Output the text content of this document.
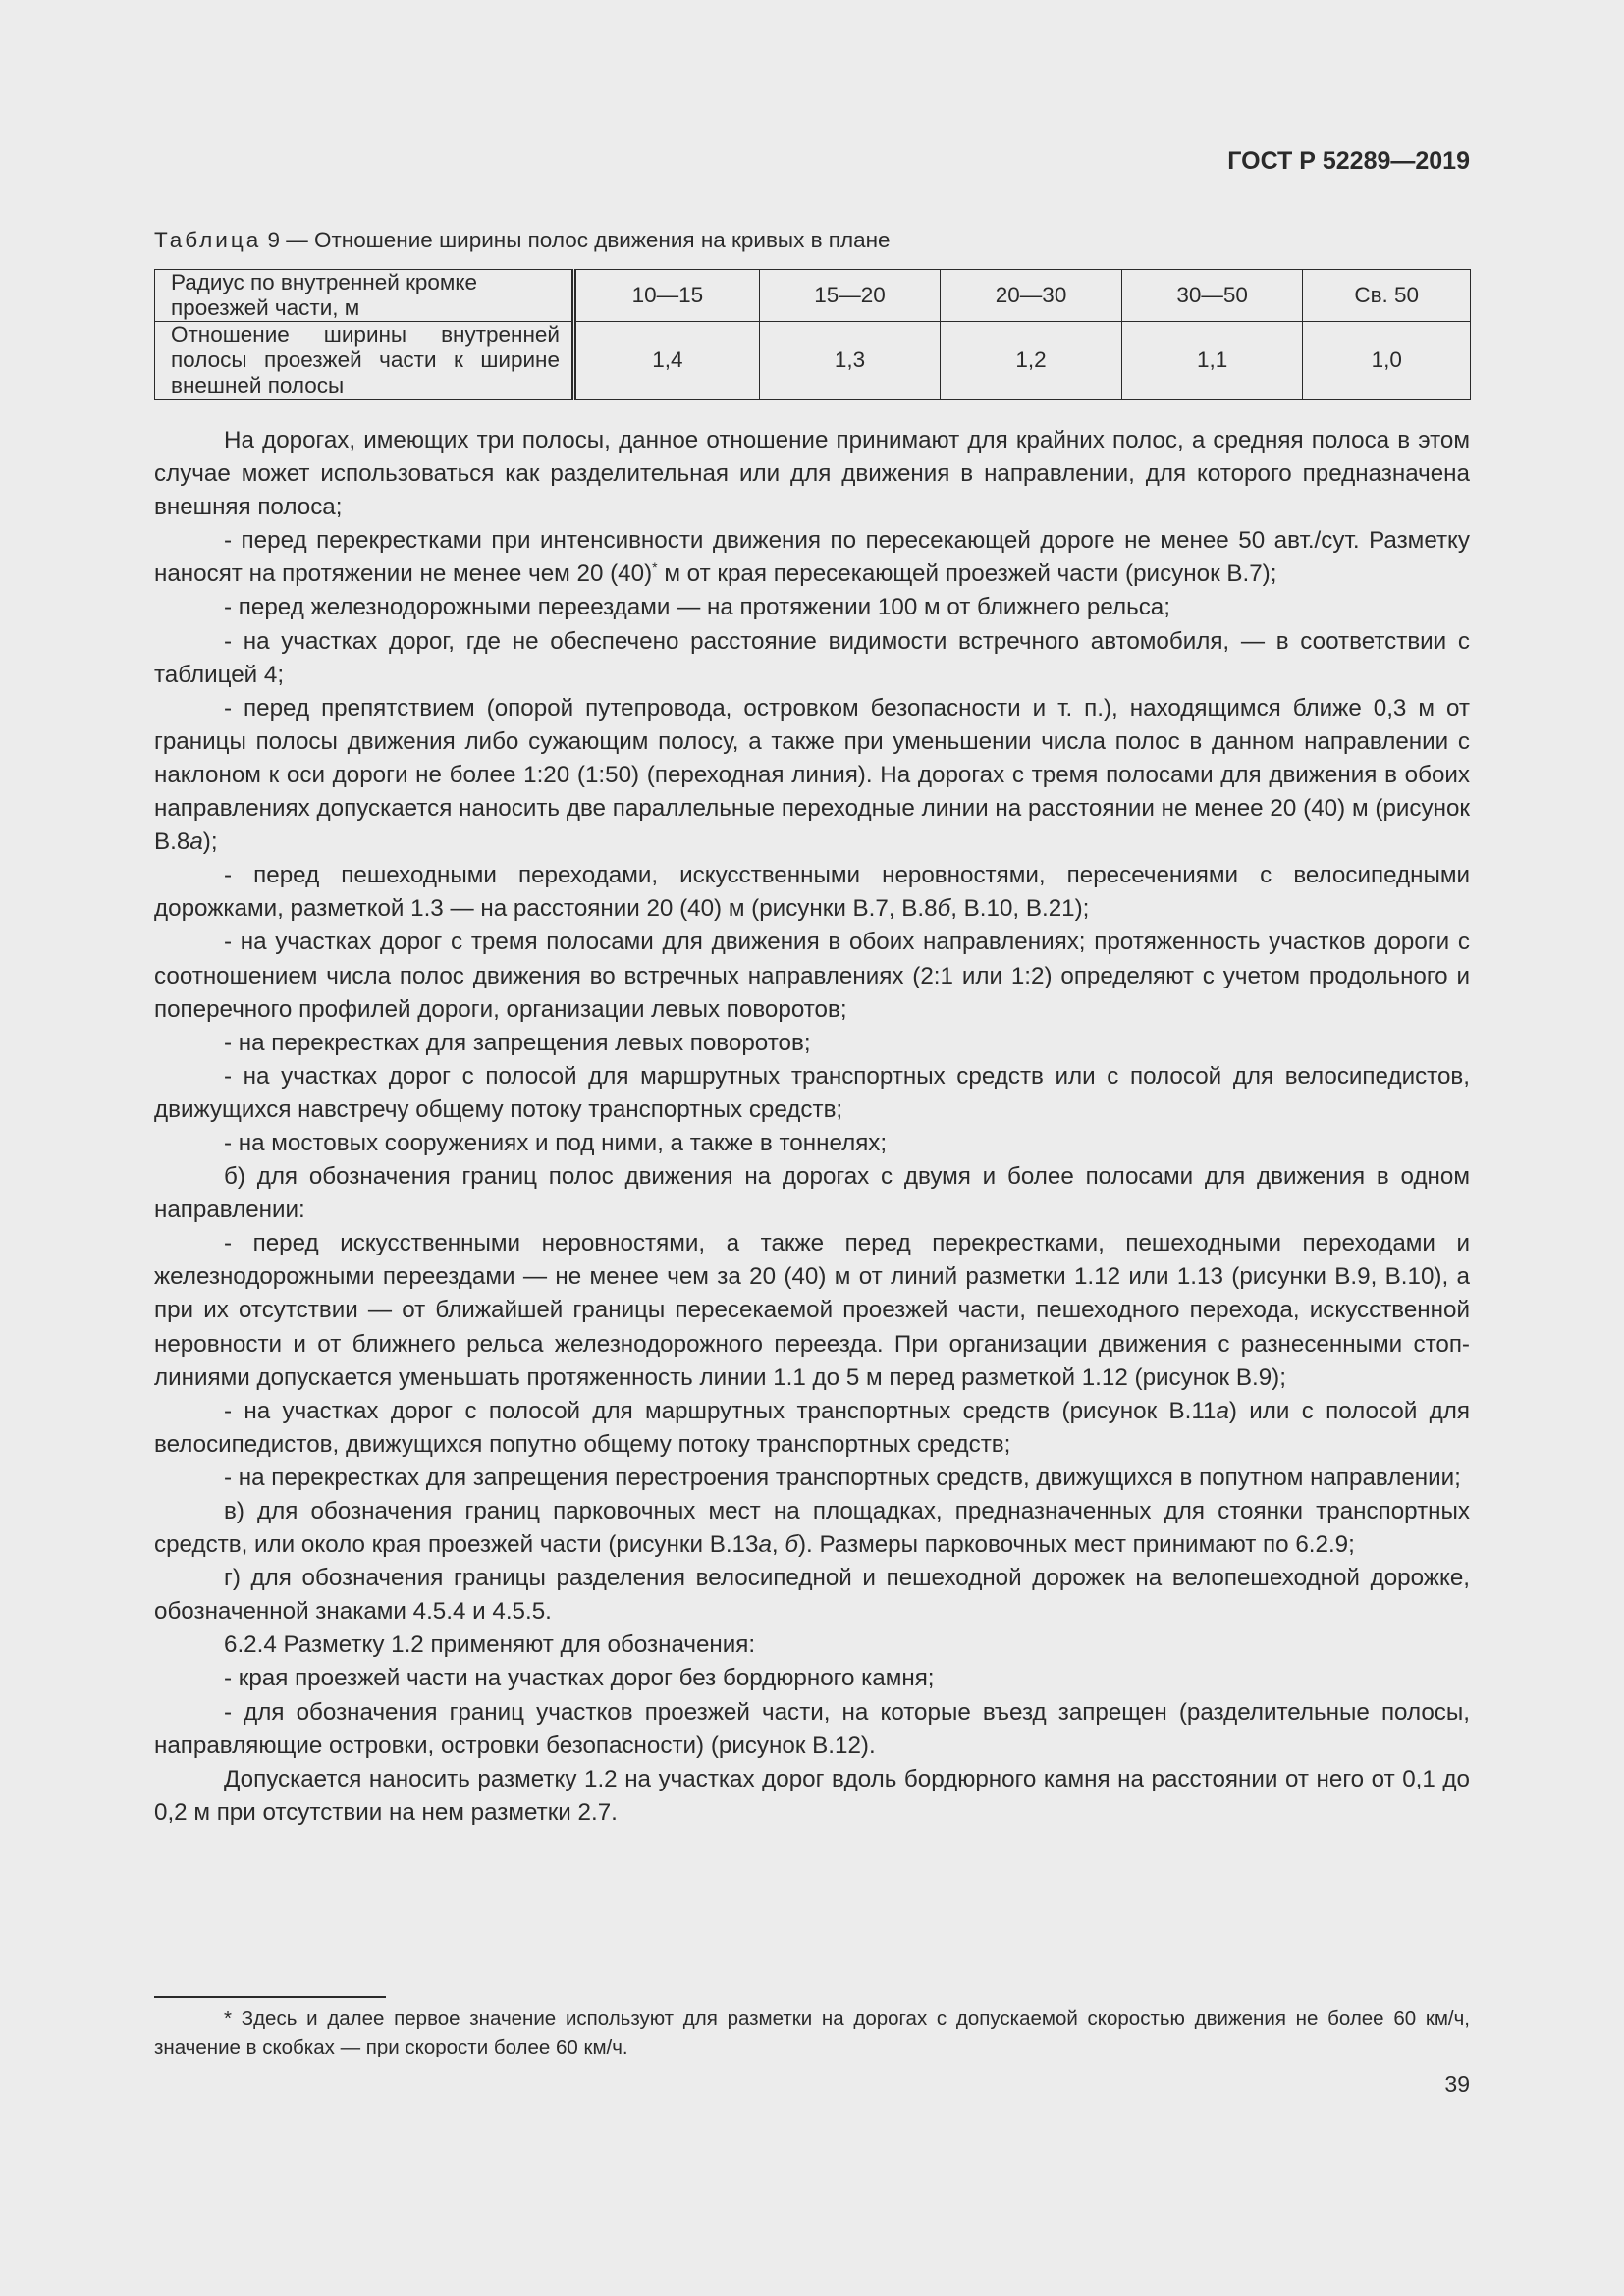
ГОСТ Р 52289—2019
Таблица 9 — Отношение ширины полос движения на кривых в плане
Радиус по внутренней кромке проезжей части, м	10—15	15—20	20—30	30—50	Св. 50
Отношение ширины внутренней полосы проезжей части к ширине внешней полосы	1,4	1,3	1,2	1,1	1,0

На дорогах, имеющих три полосы, данное отношение принимают для крайних полос, а средняя полоса в этом случае может использоваться как разделительная или для движения в направлении, для которого предназначена внешняя полоса;

- перед перекрестками при интенсивности движения по пересекающей дороге не менее 50 авт./сут. Разметку наносят на протяжении не менее чем 20 (40)* м от края пересекающей проезжей части (рисунок В.7);

- перед железнодорожными переездами — на протяжении 100 м от ближнего рельса;

- на участках дорог, где не обеспечено расстояние видимости встречного автомобиля, — в соответствии с таблицей 4;

- перед препятствием (опорой путепровода, островком безопасности и т. п.), находящимся ближе 0,3 м от границы полосы движения либо сужающим полосу, а также при уменьшении числа полос в данном направлении с наклоном к оси дороги не более 1:20 (1:50) (переходная линия). На дорогах с тремя полосами для движения в обоих направлениях допускается наносить две параллельные переходные линии на расстоянии не менее 20 (40) м (рисунок В.8а);

- перед пешеходными переходами, искусственными неровностями, пересечениями с велосипедными дорожками, разметкой 1.3 — на расстоянии 20 (40) м (рисунки В.7, В.8б, В.10, В.21);

- на участках дорог с тремя полосами для движения в обоих направлениях; протяженность участков дороги с соотношением числа полос движения во встречных направлениях (2:1 или 1:2) определяют с учетом продольного и поперечного профилей дороги, организации левых поворотов;

- на перекрестках для запрещения левых поворотов;

- на участках дорог с полосой для маршрутных транспортных средств или с полосой для велосипедистов, движущихся навстречу общему потоку транспортных средств;

- на мостовых сооружениях и под ними, а также в тоннелях;

б) для обозначения границ полос движения на дорогах с двумя и более полосами для движения в одном направлении:

- перед искусственными неровностями, а также перед перекрестками, пешеходными переходами и железнодорожными переездами — не менее чем за 20 (40) м от линий разметки 1.12 или 1.13 (рисунки В.9, В.10), а при их отсутствии — от ближайшей границы пересекаемой проезжей части, пешеходного перехода, искусственной неровности и от ближнего рельса железнодорожного переезда. При организации движения с разнесенными стоп-линиями допускается уменьшать протяженность линии 1.1 до 5 м перед разметкой 1.12 (рисунок В.9);

- на участках дорог с полосой для маршрутных транспортных средств (рисунок В.11а) или с полосой для велосипедистов, движущихся попутно общему потоку транспортных средств;

- на перекрестках для запрещения перестроения транспортных средств, движущихся в попутном направлении;

в) для обозначения границ парковочных мест на площадках, предназначенных для стоянки транспортных средств, или около края проезжей части (рисунки В.13а, б). Размеры парковочных мест принимают по 6.2.9;

г) для обозначения границы разделения велосипедной и пешеходной дорожек на велопешеходной дорожке, обозначенной знаками 4.5.4 и 4.5.5.

6.2.4 Разметку 1.2 применяют для обозначения:

- края проезжей части на участках дорог без бордюрного камня;

- для обозначения границ участков проезжей части, на которые въезд запрещен (разделительные полосы, направляющие островки, островки безопасности) (рисунок В.12).

Допускается наносить разметку 1.2 на участках дорог вдоль бордюрного камня на расстоянии от него от 0,1 до 0,2 м при отсутствии на нем разметки 2.7.

* Здесь и далее первое значение используют для разметки на дорогах с допускаемой скоростью движения не более 60 км/ч, значение в скобках — при скорости более 60 км/ч.
39
